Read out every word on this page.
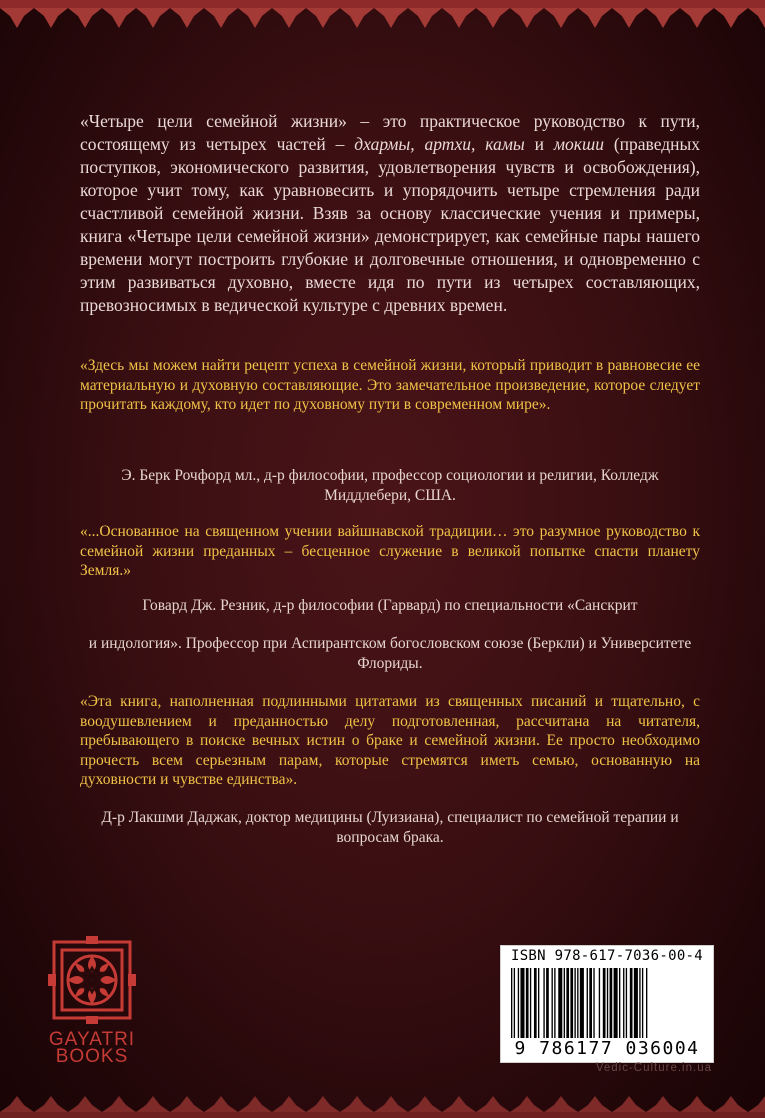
«Четыре цели семейной жизни» – это практическое руководство к пути, состоящему из четырех частей – дхармы, артхи, камы и мокши (праведных поступков, экономического развития, удовлетворения чувств и освобождения), которое учит тому, как уравновесить и упорядочить четыре стремления ради счастливой семейной жизни. Взяв за основу классические учения и примеры, книга «Четыре цели семейной жизни» демонстрирует, как семейные пары нашего времени могут построить глубокие и долговечные отношения, и одновременно с этим развиваться духовно, вместе идя по пути из четырех составляющих, превозносимых в ведической культуре с древних времен.

«Здесь мы можем найти рецепт успеха в семейной жизни, который приводит в равновесие ее материальную и духовную составляющие. Это замечательное произведение, которое следует прочитать каждому, кто идет по духовному пути в современном мире».

Э. Берк Рочфорд мл., д-р философии, профессор социологии и религии, Колледж Миддлебери, США.

«...Основанное на священном учении вайшнавской традиции… это разумное руководство к семейной жизни преданных – бесценное служение в великой попытке спасти планету Земля.»

Говард Дж. Резник, д-р философии (Гарвард) по специальности «Санскрит

и индология». Профессор при Аспирантском богословском союзе (Беркли) и Университете Флориды.

«Эта книга, наполненная подлинными цитатами из священных писаний и тщательно, с воодушевлением и преданностью делу подготовленная, рассчитана на читателя, пребывающего в поиске вечных истин о браке и семейной жизни. Ее просто необходимо прочесть всем серьезным парам, которые стремятся иметь семью, основанную на духовности и чувстве единства».

Д-р Лакшми Даджак, доктор медицины (Луизиана), специалист по семейной терапии и вопросам брака.

GAYATRI
BOOKS
ISBN 978-617-7036-00-4
9 786177 036004
Vedic-Culture.in.ua
